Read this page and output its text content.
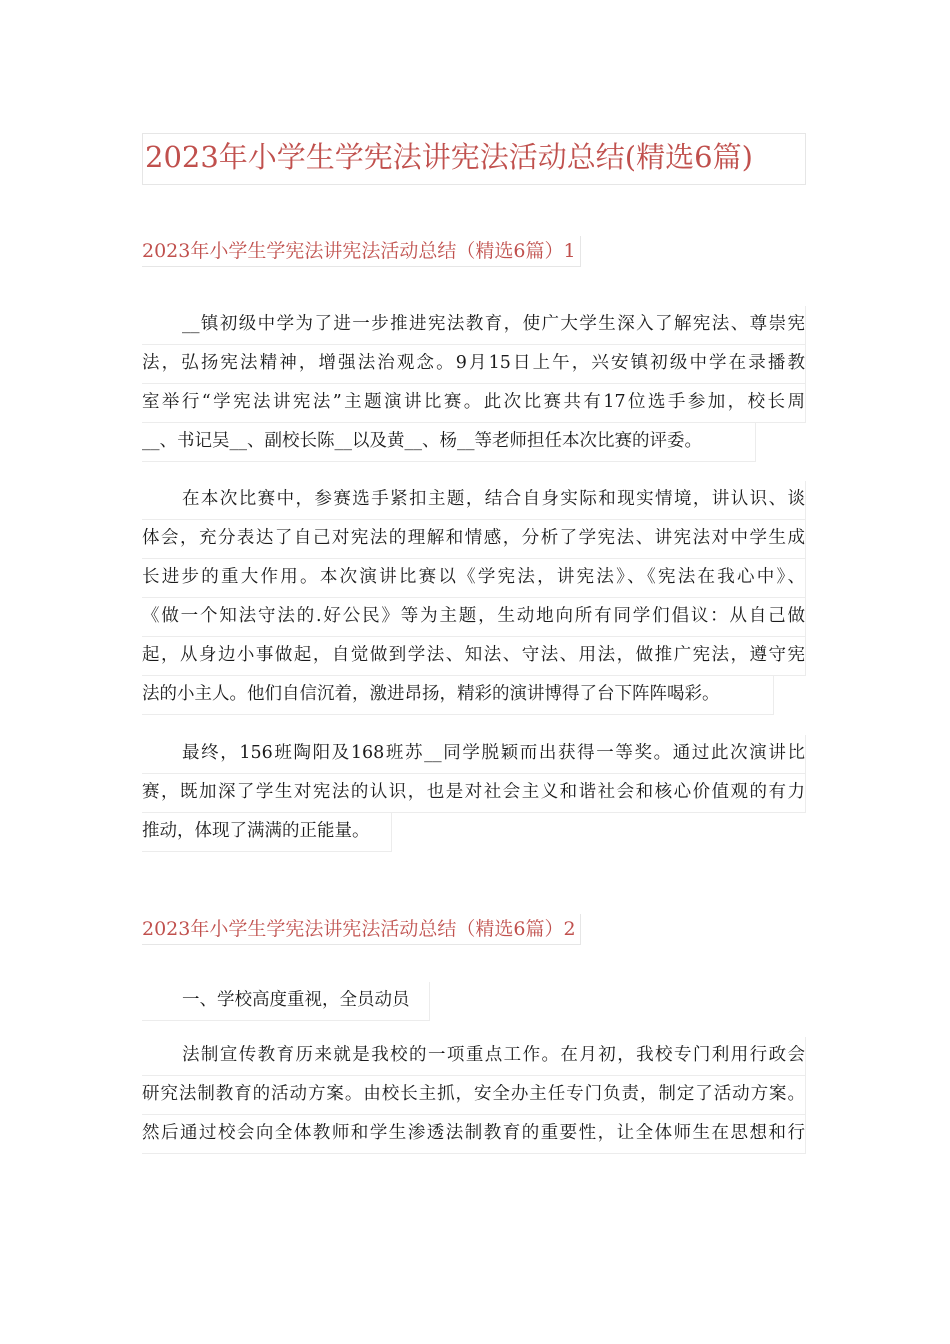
2023年小学生学宪法讲宪法活动总结(精选6篇)
2023年小学生学宪法讲宪法活动总结（精选6篇）1
__镇初级中学为了进一步推进宪法教育，使广大学生深入了解宪法、尊崇宪
法，弘扬宪法精神，增强法治观念。9月15日上午，兴安镇初级中学在录播教
室举行“学宪法讲宪法”主题演讲比赛。此次比赛共有17位选手参加，校长周
__、书记吴__、副校长陈__以及黄__、杨__等老师担任本次比赛的评委。
在本次比赛中，参赛选手紧扣主题，结合自身实际和现实情境，讲认识、谈
体会，充分表达了自己对宪法的理解和情感，分析了学宪法、讲宪法对中学生成
长进步的重大作用。本次演讲比赛以《学宪法，讲宪法》、《宪法在我心中》、
《做一个知法守法的.好公民》等为主题，生动地向所有同学们倡议：从自己做
起，从身边小事做起，自觉做到学法、知法、守法、用法，做推广宪法，遵守宪
法的小主人。他们自信沉着，激进昂扬，精彩的演讲博得了台下阵阵喝彩。
最终，156班陶阳及168班苏__同学脱颖而出获得一等奖。通过此次演讲比
赛，既加深了学生对宪法的认识，也是对社会主义和谐社会和核心价值观的有力
推动，体现了满满的正能量。
2023年小学生学宪法讲宪法活动总结（精选6篇）2
一、学校高度重视，全员动员
法制宣传教育历来就是我校的一项重点工作。在月初，我校专门利用行政会
研究法制教育的活动方案。由校长主抓，安全办主任专门负责，制定了活动方案。
然后通过校会向全体教师和学生渗透法制教育的重要性，让全体师生在思想和行
